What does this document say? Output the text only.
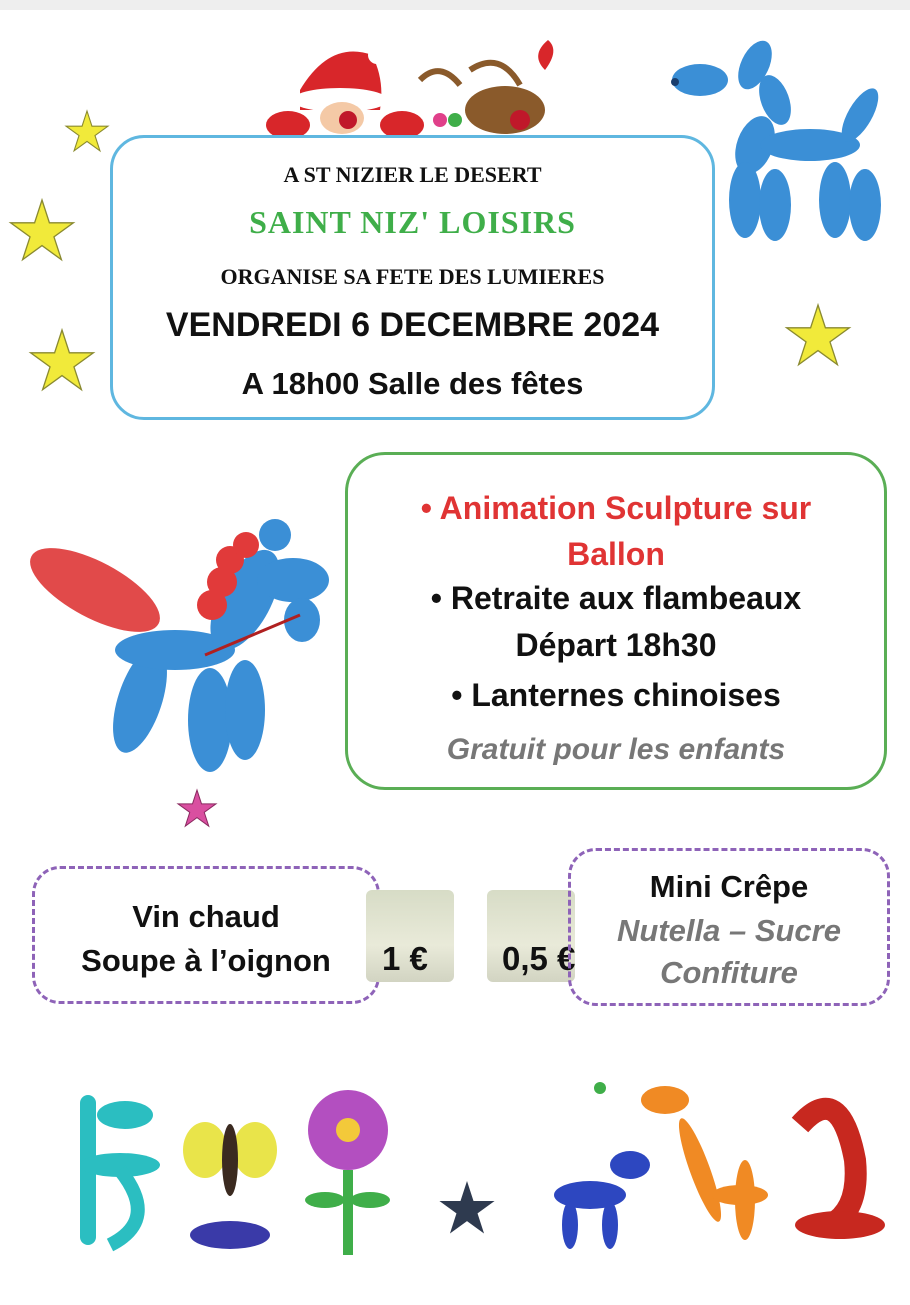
A ST NIZIER LE DESERT
SAINT NIZ' LOISIRS
ORGANISE SA FETE DES LUMIERES
VENDREDI 6 DECEMBRE 2024
A 18h00 Salle des fêtes
• Animation Sculpture sur
Ballon
• Retraite aux flambeaux
Départ 18h30
• Lanternes chinoises
Gratuit pour les enfants
Vin chaud
Soupe à l’oignon	1 € 0,5 €
Mini Crêpe
Nutella – Sucre
Confiture
